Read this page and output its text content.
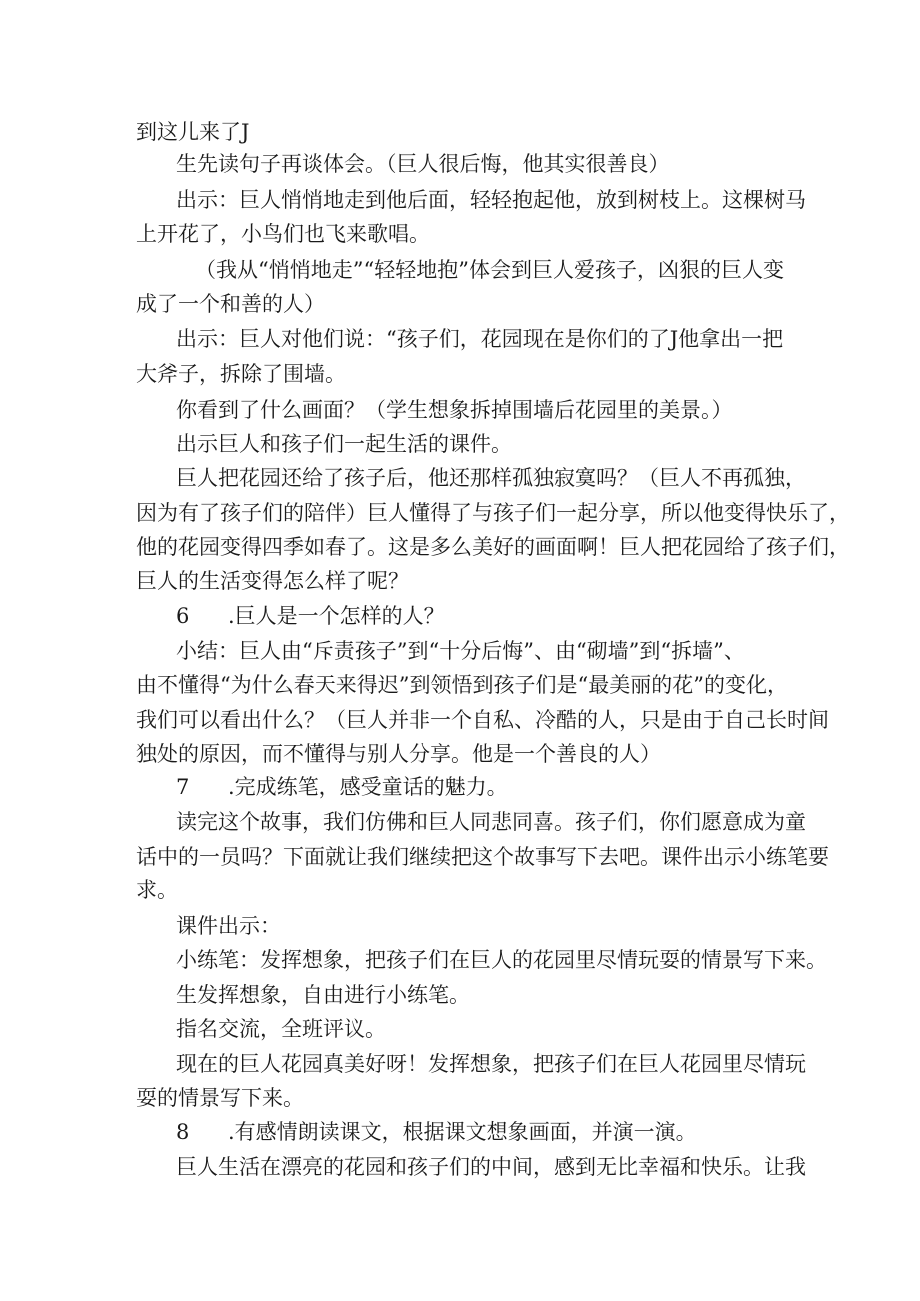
到这儿来了J
生先读句子再谈体会。（巨人很后悔，他其实很善良）
出示：巨人悄悄地走到他后面，轻轻抱起他，放到树枝上。这棵树马
上开花了，小鸟们也飞来歌唱。
（我从“悄悄地走”“轻轻地抱”体会到巨人爱孩子，凶狠的巨人变
成了一个和善的人）
出示：巨人对他们说：“孩子们，花园现在是你们的了J他拿出一把
大斧子，拆除了围墙。
你看到了什么画面？（学生想象拆掉围墙后花园里的美景。）
出示巨人和孩子们一起生活的课件。
巨人把花园还给了孩子后，他还那样孤独寂寞吗？（巨人不再孤独，
因为有了孩子们的陪伴）巨人懂得了与孩子们一起分享，所以他变得快乐了，
他的花园变得四季如春了。这是多么美好的画面啊！巨人把花园给了孩子们，
巨人的生活变得怎么样了呢？
6 .巨人是一个怎样的人？
小结：巨人由“斥责孩子”到“十分后悔”、由“砌墙”到“拆墙”、
由不懂得“为什么春天来得迟”到领悟到孩子们是“最美丽的花”的变化，
我们可以看出什么？（巨人并非一个自私、冷酷的人，只是由于自己长时间
独处的原因，而不懂得与别人分享。他是一个善良的人）
7 .完成练笔，感受童话的魅力。
读完这个故事，我们仿佛和巨人同悲同喜。孩子们，你们愿意成为童
话中的一员吗？下面就让我们继续把这个故事写下去吧。课件出示小练笔要
求。
课件出示：
小练笔：发挥想象，把孩子们在巨人的花园里尽情玩耍的情景写下来。
生发挥想象，自由进行小练笔。
指名交流，全班评议。
现在的巨人花园真美好呀！发挥想象，把孩子们在巨人花园里尽情玩
耍的情景写下来。
8 .有感情朗读课文，根据课文想象画面，并演一演。
巨人生活在漂亮的花园和孩子们的中间，感到无比幸福和快乐。让我
